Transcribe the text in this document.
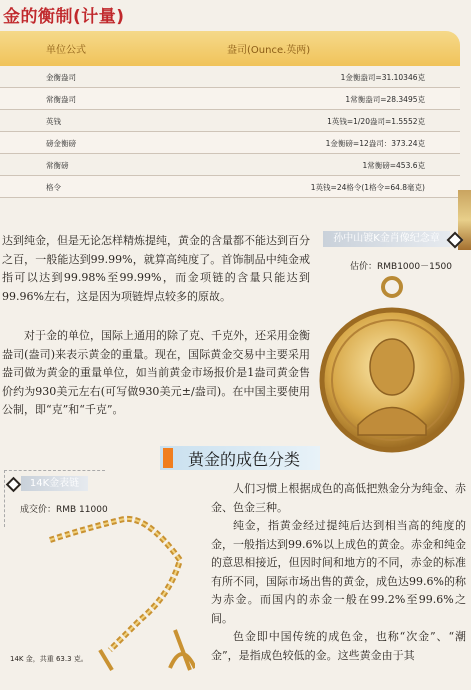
金的衡制(计量)
单位公式	盎司(Ounce.英两)
金衡盎司	1金衡盎司=31.10346克
常衡盎司	1常衡盎司=28.3495克
英钱	1英钱=1/20盎司=1.5552克
磅金衡磅	1金衡磅=12盎司：373.24克
常衡磅	1常衡磅=453.6克
格令	1英钱=24格令(1格令=64.8毫克)
达到纯金，但是无论怎样精炼提纯，黄金的含量都不能达到百分之百，一般能达到99.99%，就算高纯度了。首饰制品中纯金戒指可以达到99.98%至99.99%，而金项链的含量只能达到99.96%左右，这是因为项链焊点较多的原故。
对于金的单位，国际上通用的除了克、千克外，还采用金衡盎司(盎司)来表示黄金的重量。现在，国际黄金交易中主要采用盎司做为黄金的重量单位，如当前黄金市场报价是1盎司黄金售价约为930美元左右(可写做930美元±/盎司)。在中国主要使用公制，即“克”和“千克”。
孙中山镀K金肖像纪念章
估价：RMB1000－1500
黄金的成色分类
14K金表链
成交价：RMB 11000
14K 金，共重 63.3 克。
人们习惯上根据成色的高低把熟金分为纯金、赤金、色金三种。
纯金，指黄金经过提纯后达到相当高的纯度的金，一般指达到99.6%以上成色的黄金。赤金和纯金的意思相接近，但因时间和地方的不同，赤金的标准有所不同，国际市场出售的黄金，成色达99.6%的称为赤金。而国内的赤金一般在99.2%至99.6%之间。
色金即中国传统的成色金，也称“次金”、“潮金”，是指成色较低的金。这些黄金由于其
